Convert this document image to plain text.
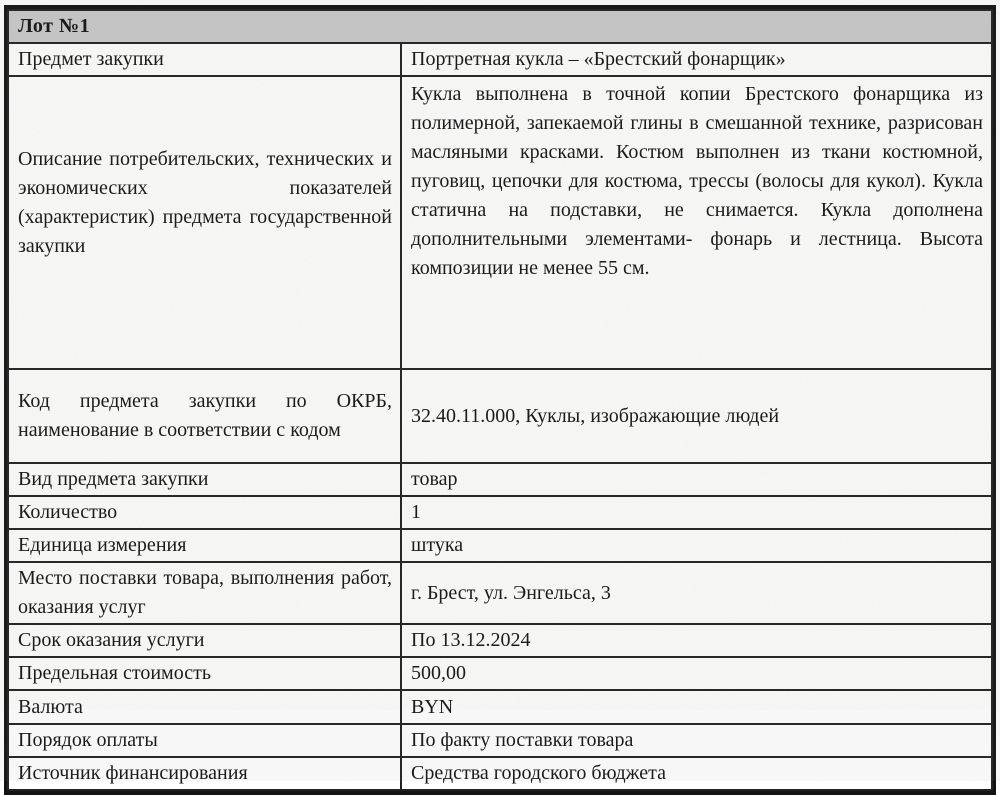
Лот №1	
Предмет закупки	Портретная кукла – «Брестский фонарщик»
Описание потребительских, технических и экономических показателей (характеристик) предмета государственной закупки	Кукла выполнена в точной копии Брестского фонарщика из полимерной, запекаемой глины в смешанной технике, разрисован масляными красками. Костюм выполнен из ткани костюмной, пуговиц, цепочки для костюма, трессы (волосы для кукол). Кукла статична на подставки, не снимается. Кукла дополнена дополнительными элементами- фонарь и лестница. Высота композиции не менее 55 см.
Код предмета закупки по ОКРБ, наименование в соответствии с кодом	32.40.11.000, Куклы, изображающие людей
Вид предмета закупки	товар
Количество	1
Единица измерения	штука
Место поставки товара, выполнения работ, оказания услуг	г. Брест, ул. Энгельса, 3
Срок оказания услуги	По 13.12.2024
Предельная стоимость	500,00
Валюта	BYN
Порядок оплаты	По факту поставки товара
Источник финансирования	Средства городского бюджета
